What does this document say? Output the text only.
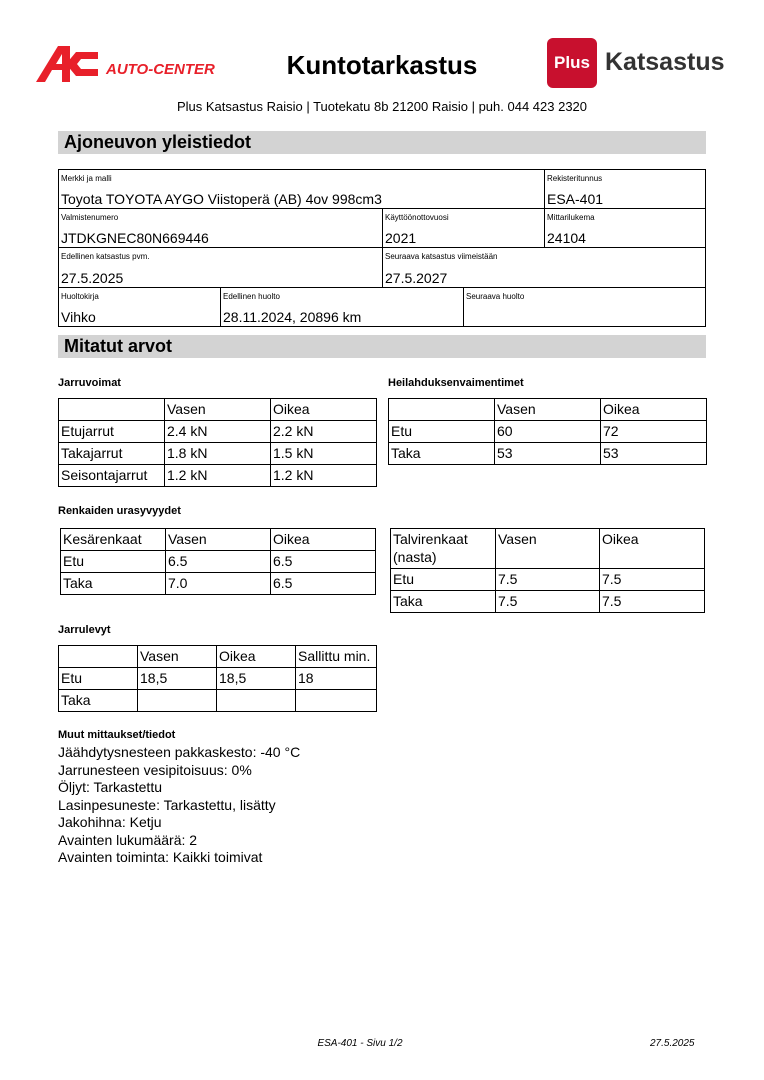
AUTO-CENTER	Kuntotarkastus	Plus Katsastus
Plus Katsastus Raisio | Tuotekatu 8b 21200 Raisio | puh. 044 423 2320
Ajoneuvon yleistiedot
Merkki ja malli
Toyota TOYOTA AYGO Viistoperä (AB) 4ov 998cm3
Rekisteritunnus
ESA-401
Valmistenumero
JTDKGNEC80N669446
Käyttöönottovuosi
2021
Mittarilukema
24104
Edellinen katsastus pvm.
27.5.2025
Seuraava katsastus viimeistään
27.5.2027
Huoltokirja
Vihko
Edellinen huolto
28.11.2024, 20896 km
Seuraava huolto
Mitatut arvot
Jarruvoimat	Heilahduksenvaimentimet
	Vasen	Oikea
Etujarrut	2.4 kN	2.2 kN
Takajarrut	1.8 kN	1.5 kN
Seisontajarrut	1.2 kN	1.2 kN
	Vasen	Oikea
Etu	60	72
Taka	53	53
Renkaiden urasyvyydet
Kesärenkaat	Vasen	Oikea
Etu	6.5	6.5
Taka	7.0	6.5
Talvirenkaat (nasta)	Vasen	Oikea
Etu	7.5	7.5
Taka	7.5	7.5
Jarrulevyt
	Vasen	Oikea	Sallittu min.
Etu	18,5	18,5	18
Taka			
Muut mittaukset/tiedot
Jäähdytysnesteen pakkaskesto: -40 °C
Jarrunesteen vesipitoisuus: 0%
Öljyt: Tarkastettu
Lasinpesuneste: Tarkastettu, lisätty
Jakohihna: Ketju
Avainten lukumäärä: 2
Avainten toiminta: Kaikki toimivat
ESA-401 - Sivu 1/2	27.5.2025
